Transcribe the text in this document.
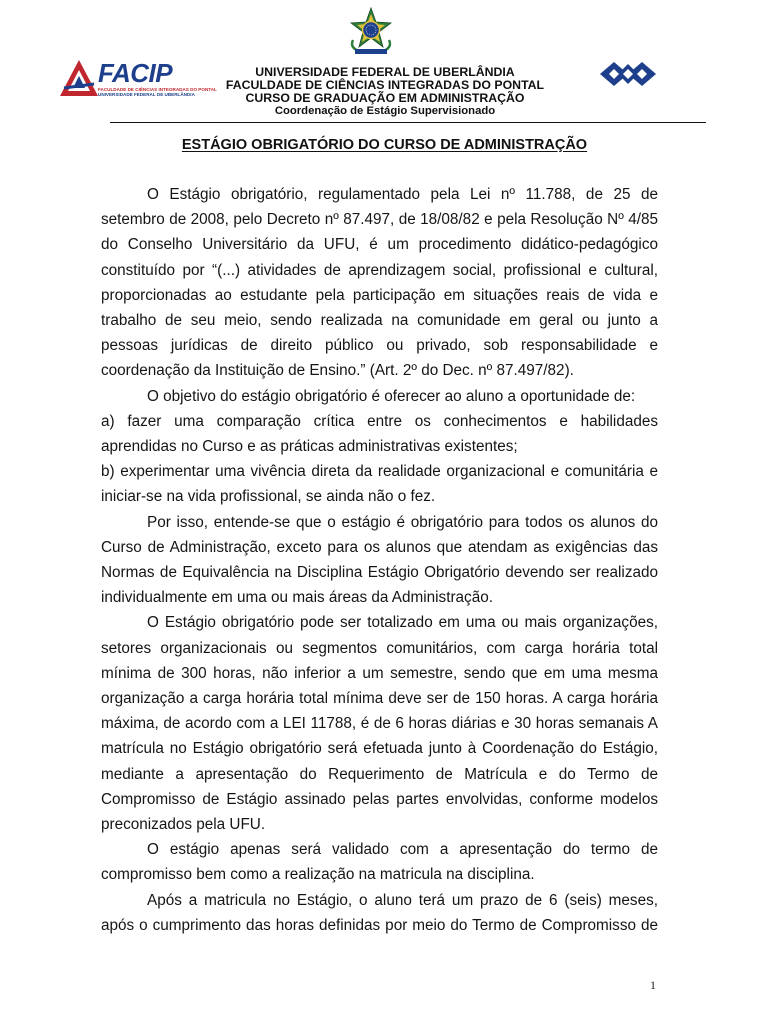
FACIP
FACULDADE DE CIÊNCIAS INTEGRADAS DO PONTAL
UNIVERSIDADE FEDERAL DE UBERLÂNDIA
UNIVERSIDADE FEDERAL DE UBERLÂNDIA
FACULDADE DE CIÊNCIAS INTEGRADAS DO PONTAL
CURSO DE GRADUAÇÃO EM ADMINISTRAÇÃO
Coordenação de Estágio Supervisionado
ESTÁGIO OBRIGATÓRIO DO CURSO DE ADMINISTRAÇÃO

O Estágio obrigatório, regulamentado pela Lei nº 11.788, de 25 de setembro de 2008, pelo Decreto nº 87.497, de 18/08/82 e pela Resolução Nº 4/85 do Conselho Universitário da UFU, é um procedimento didático-pedagógico constituído por “(...) atividades de aprendizagem social, profissional e cultural, proporcionadas ao estudante pela participação em situações reais de vida e trabalho de seu meio, sendo realizada na comunidade em geral ou junto a pessoas jurídicas de direito público ou privado, sob responsabilidade e coordenação da Instituição de Ensino.” (Art. 2º do Dec. nº 87.497/82).

O objetivo do estágio obrigatório é oferecer ao aluno a oportunidade de:

a) fazer uma comparação crítica entre os conhecimentos e habilidades aprendidas no Curso e as práticas administrativas existentes;

b) experimentar uma vivência direta da realidade organizacional e comunitária e iniciar-se na vida profissional, se ainda não o fez.

Por isso, entende-se que o estágio é obrigatório para todos os alunos do Curso de Administração, exceto para os alunos que atendam as exigências das Normas de Equivalência na Disciplina Estágio Obrigatório devendo ser realizado individualmente em uma ou mais áreas da Administração.

O Estágio obrigatório pode ser totalizado em uma ou mais organizações, setores organizacionais ou segmentos comunitários, com carga horária total mínima de 300 horas, não inferior a um semestre, sendo que em uma mesma organização a carga horária total mínima deve ser de 150 horas. A carga horária máxima, de acordo com a LEI 11788, é de 6 horas diárias e 30 horas semanais A matrícula no Estágio obrigatório será efetuada junto à Coordenação do Estágio, mediante a apresentação do Requerimento de Matrícula e do Termo de Compromisso de Estágio assinado pelas partes envolvidas, conforme modelos preconizados pela UFU.

O estágio apenas será validado com a apresentação do termo de compromisso bem como a realização na matricula na disciplina.

Após a matricula no Estágio, o aluno terá um prazo de 6 (seis) meses, após o cumprimento das horas definidas por meio do Termo de Compromisso de

1
